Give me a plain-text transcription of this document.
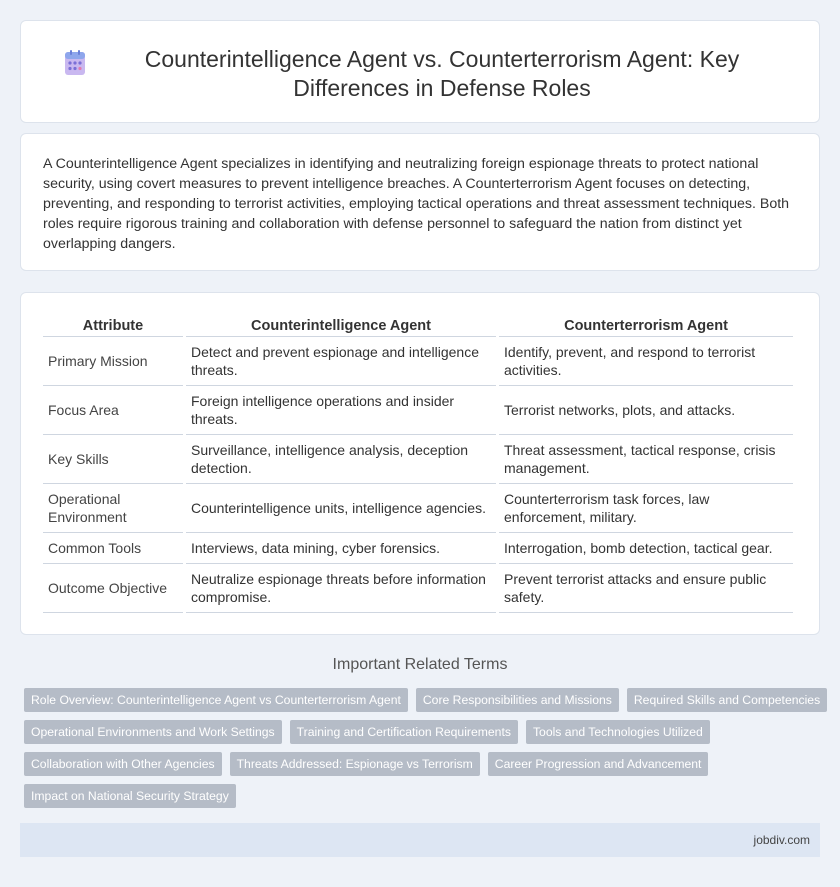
Counterintelligence Agent vs. Counterterrorism Agent: Key Differences in Defense Roles

A Counterintelligence Agent specializes in identifying and neutralizing foreign espionage threats to protect national security, using covert measures to prevent intelligence breaches. A Counterterrorism Agent focuses on detecting, preventing, and responding to terrorist activities, employing tactical operations and threat assessment techniques. Both roles require rigorous training and collaboration with defense personnel to safeguard the nation from distinct yet overlapping dangers.

Attribute	Counterintelligence Agent	Counterterrorism Agent
Primary Mission	Detect and prevent espionage and intelligence threats.	Identify, prevent, and respond to terrorist activities.
Focus Area	Foreign intelligence operations and insider threats.	Terrorist networks, plots, and attacks.
Key Skills	Surveillance, intelligence analysis, deception detection.	Threat assessment, tactical response, crisis management.
Operational Environment	Counterintelligence units, intelligence agencies.	Counterterrorism task forces, law enforcement, military.
Common Tools	Interviews, data mining, cyber forensics.	Interrogation, bomb detection, tactical gear.
Outcome Objective	Neutralize espionage threats before information compromise.	Prevent terrorist attacks and ensure public safety.
Important Related Terms
Role Overview: Counterintelligence Agent vs Counterterrorism Agent	Core Responsibilities and Missions	Required Skills and Competencies
Operational Environments and Work Settings	Training and Certification Requirements	Tools and Technologies Utilized
Collaboration with Other Agencies	Threats Addressed: Espionage vs Terrorism	Career Progression and Advancement
Impact on National Security Strategy
jobdiv.com
